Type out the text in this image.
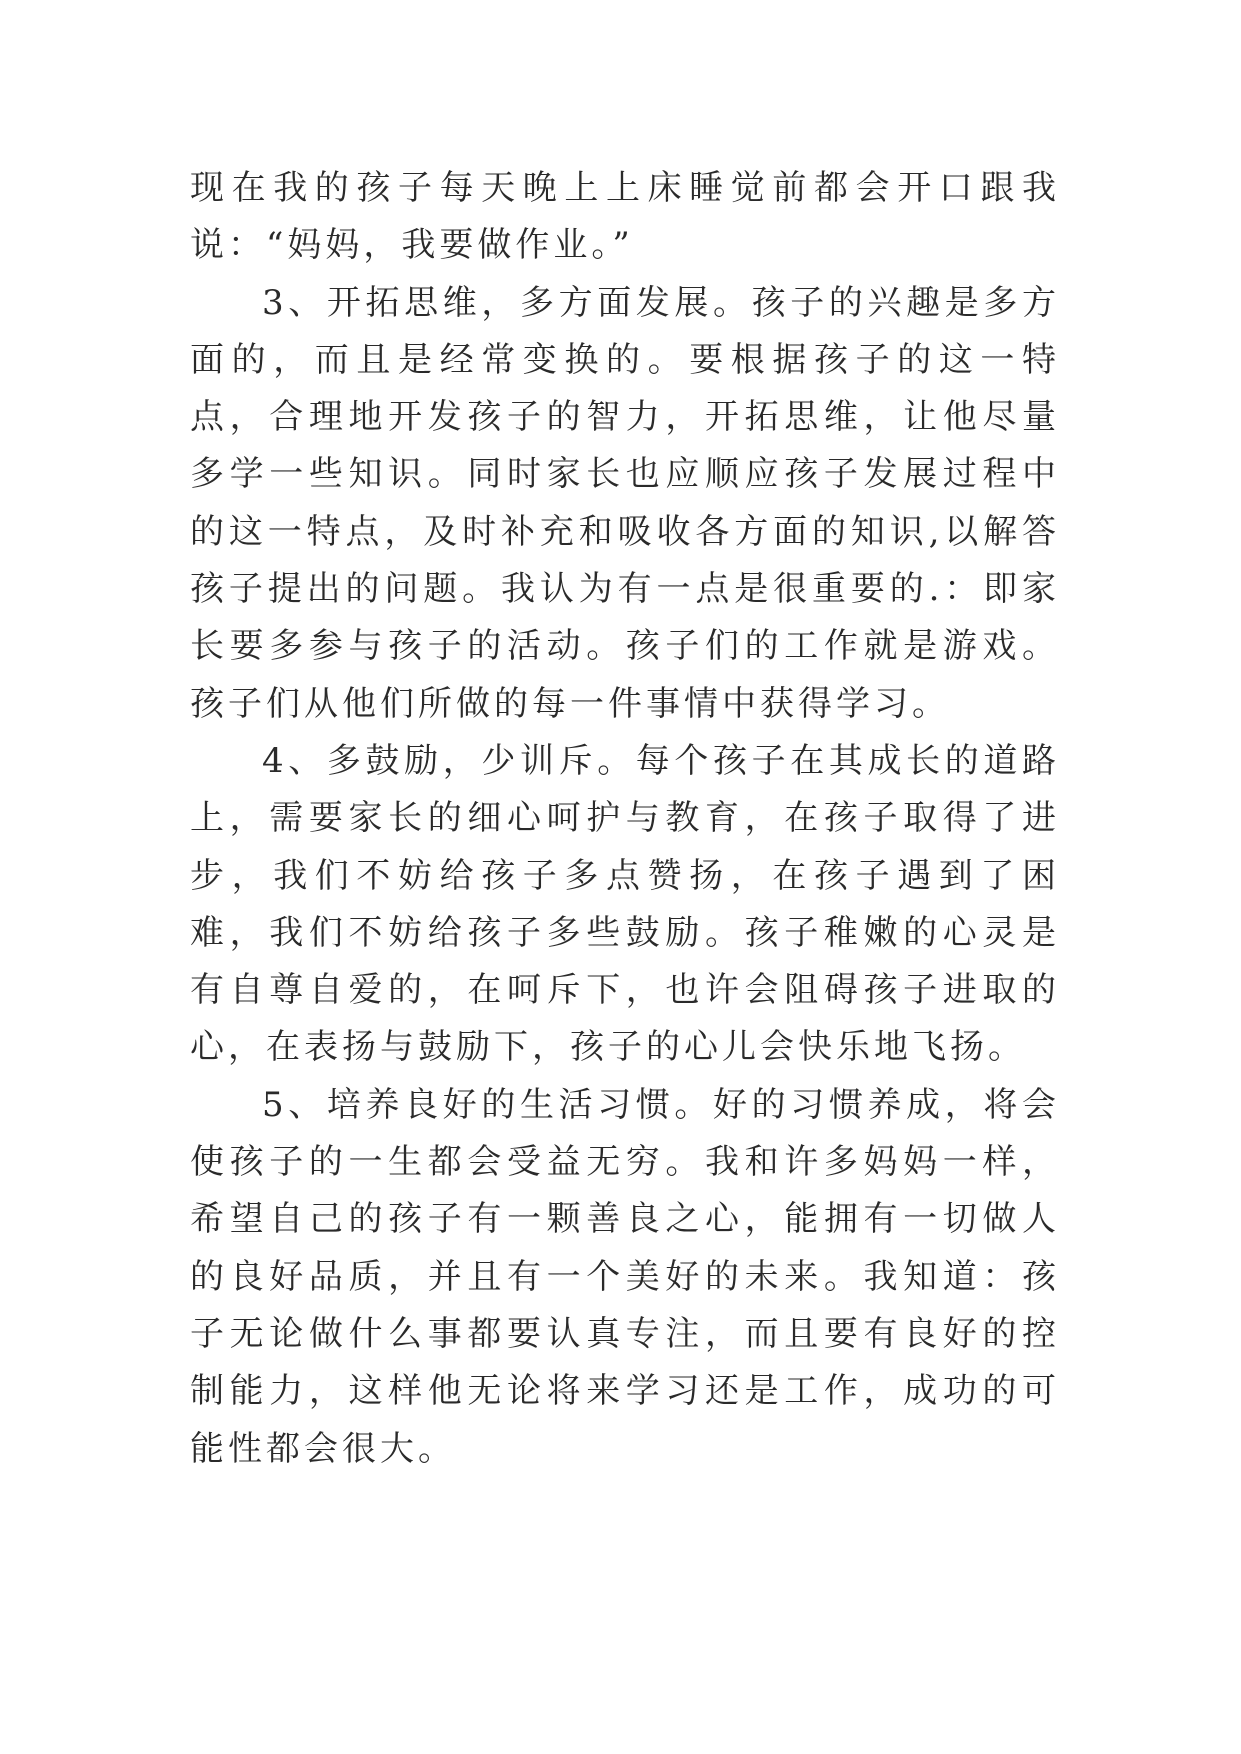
现在我的孩子每天晚上上床睡觉前都会开口跟我说：“妈妈，我要做作业。”

3、开拓思维，多方面发展。孩子的兴趣是多方面的，而且是经常变换的。要根据孩子的这一特点，合理地开发孩子的智力，开拓思维，让他尽量多学一些知识。同时家长也应顺应孩子发展过程中的这一特点，及时补充和吸收各方面的知识,以解答孩子提出的问题。我认为有一点是很重要的.：即家长要多参与孩子的活动。孩子们的工作就是游戏。孩子们从他们所做的每一件事情中获得学习。

4、多鼓励，少训斥。每个孩子在其成长的道路上，需要家长的细心呵护与教育，在孩子取得了进步，我们不妨给孩子多点赞扬，在孩子遇到了困难，我们不妨给孩子多些鼓励。孩子稚嫩的心灵是有自尊自爱的，在呵斥下，也许会阻碍孩子进取的心，在表扬与鼓励下，孩子的心儿会快乐地飞扬。

5、培养良好的生活习惯。好的习惯养成，将会使孩子的一生都会受益无穷。我和许多妈妈一样，希望自己的孩子有一颗善良之心，能拥有一切做人的良好品质，并且有一个美好的未来。我知道：孩子无论做什么事都要认真专注，而且要有良好的控制能力，这样他无论将来学习还是工作，成功的可能性都会很大。
